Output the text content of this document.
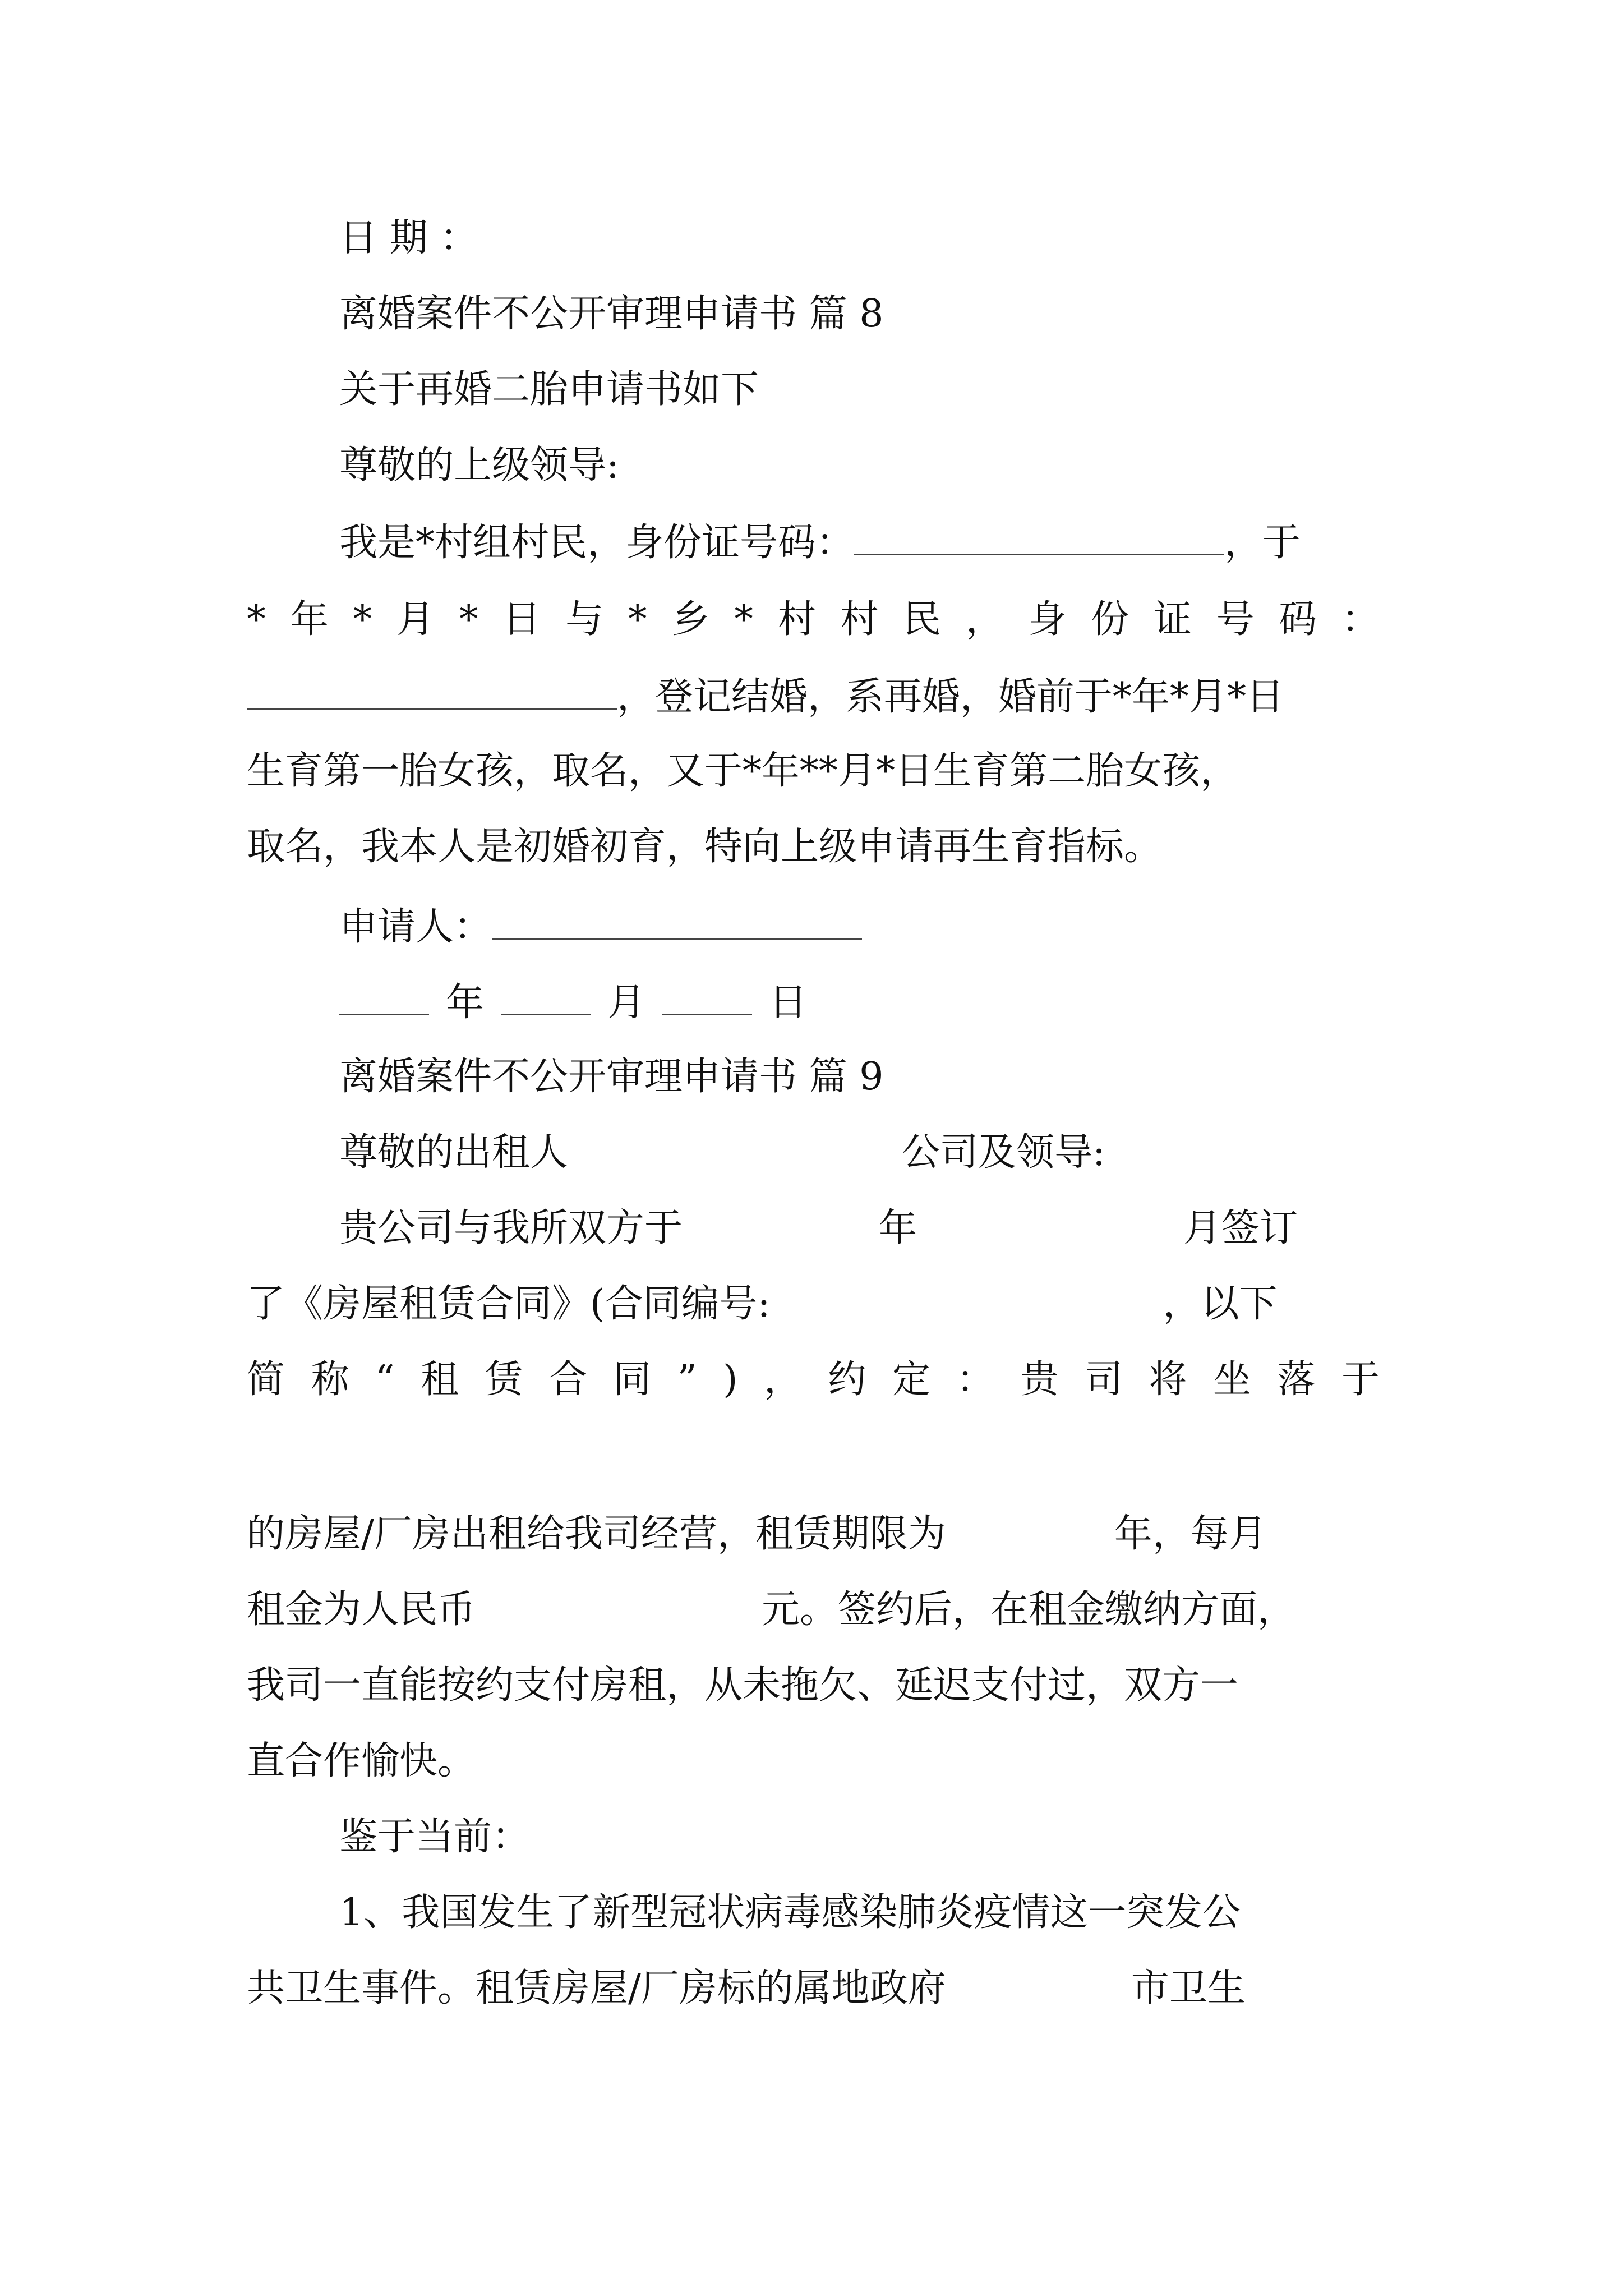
日 期 ：
离婚案件不公开审理申请书 篇 8
关于再婚二胎申请书如下
尊敬的上级领导:
我是*村组村民，身份证号码：	，于
* 年 * 月 * 日 与 * 乡 * 村 村 民 ， 身 份 证 号 码 ：
，登记结婚，系再婚，婚前于*年*月*日
生育第一胎女孩，取名，又于*年**月*日生育第二胎女孩，
取名，我本人是初婚初育，特向上级申请再生育指标。
申请人：
年	月	日
离婚案件不公开审理申请书 篇 9
尊敬的出租人	公司及领导:
贵公司与我所双方于	年	月签订
了《房屋租赁合同》(合同编号:	，以下
简 称 “ 租 赁 合 同 ” ) ， 约 定 ： 贵 司 将 坐 落 于
的房屋/厂房出租给我司经营，租赁期限为	年，每月
租金为人民币	元。签约后，在租金缴纳方面，
我司一直能按约支付房租，从未拖欠、延迟支付过，双方一
直合作愉快。
鉴于当前：
1、我国发生了新型冠状病毒感染肺炎疫情这一突发公
共卫生事件。租赁房屋/厂房标的属地政府	市卫生
